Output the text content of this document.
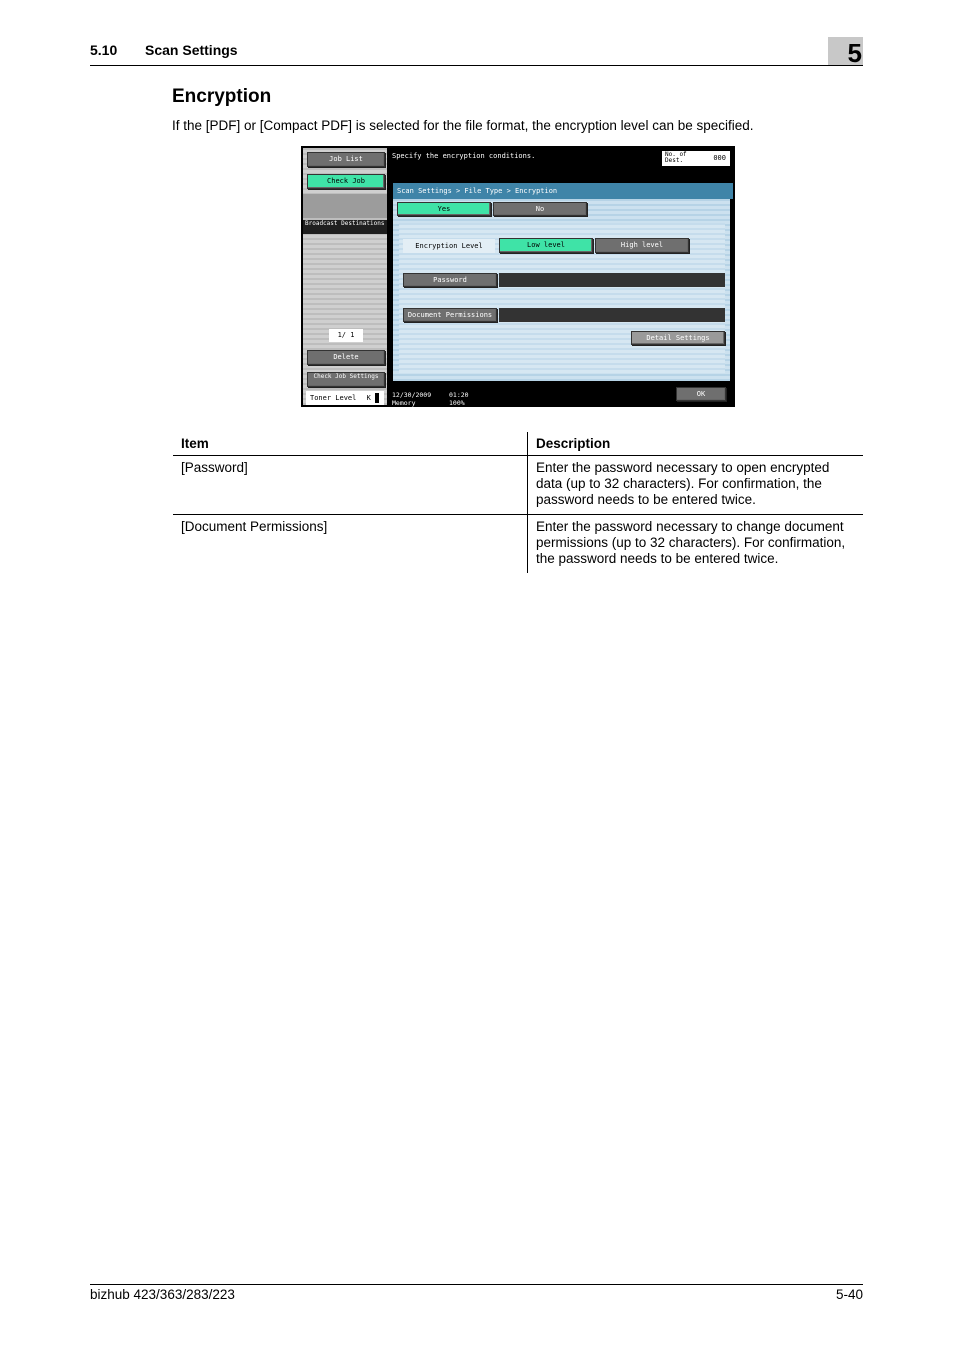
5.10 Scan Settings	5
Encryption
If the [PDF] or [Compact PDF] is selected for the file format, the encryption level can be specified.
Job List
Check Job
Broadcast Destinations
1/ 1
Delete
Check Job Settings
Toner Level K
Specify the encryption conditions.	No. of Dest.	000
Scan Settings > File Type > Encryption
Yes	No
Encryption Level	Low level	High level
Password
Document Permissions
Detail Settings
12/30/2009	01:20
Memory	100%
OK
Item	Description
[Password]	Enter the password necessary to open encrypted data (up to 32 characters). For confirmation, the password needs to be entered twice.
[Document Permissions]	Enter the password necessary to change document permissions (up to 32 characters). For confirmation, the password needs to be entered twice.
bizhub 423/363/283/223	5-40
